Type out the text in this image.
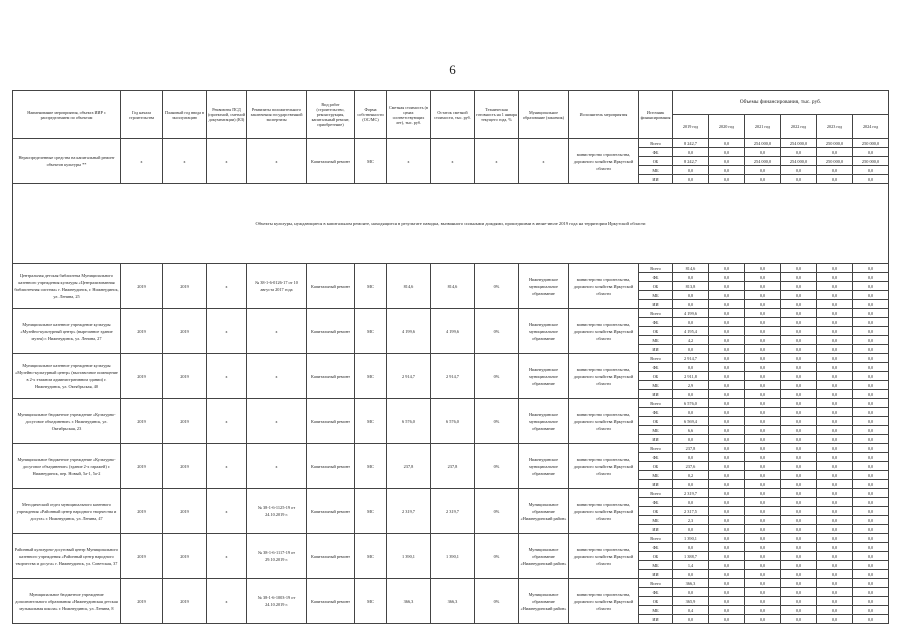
6
Наименование мероприятия, объекта ИИР с распределением по объектам	Год начала строительства	Плановый год ввода в эксплуатацию	Реквизиты ПСД (проектной, сметной документации) (КЗ)	Реквизиты положительного заключения государственной экспертизы	Вид работ (строительство, реконструкция, капитальный ремонт, приобретение)	Форма собственности (ОС/МС)	Сметная стоимость (в ценах соответствующих лет), тыс. руб.	Остаток сметной стоимости, тыс. руб.	Техническая готовность на 1 января текущего года, %	Муниципальное образование (заказчик)	Исполнитель мероприятия	Источник финансирования	Объемы финансирования, тыс. руб.					
													2019 год	2020 год	2021 год	2022 год	2023 год	2024 год
Нераспределенные средства на капитальный ремонт объектов культуры **	х	х	х	х	Капитальный ремонт	МС	х	х	х	х	министерство строительства, дорожного хозяйства Иркутской области	Всего	8 242,7	0,0	254 000,0	254 000,0	250 000,0	250 000,0
												ФБ	0,0	0,0	0,0	0,0	0,0	0,0
												ОБ	8 242,7	0,0	254 000,0	254 000,0	250 000,0	250 000,0
												МБ	0,0	0,0	0,0	0,0	0,0	0,0
												ИИ	0,0	0,0	0,0	0,0	0,0	0,0
Объекты культуры, нуждающиеся в капитальном ремонте, находящиеся в результате паводка, вызванного сильными дождями, прошедшими в июне-июле 2019 года на территории Иркутской области																		
Центральная детская библиотека Муниципального казенного учреждения культуры «Централизованная библиотечная система» г. Нижнеудинск, г. Нижнеудинск, ул. Ленина, 25	2019	2019	х	№ 38-1-6-0126-17 от 10 августа 2017 года	Капитальный ремонт	МС	814,6	814,6	0%	Нижнеудинское муниципальное образование	министерство строительства, дорожного хозяйства Иркутской области	Всего	814,6	0,0	0,0	0,0	0,0	0,0
												ФБ	0,0	0,0	0,0	0,0	0,0	0,0
												ОБ	813,8	0,0	0,0	0,0	0,0	0,0
												МБ	0,8	0,0	0,0	0,0	0,0	0,0
												ИИ	0,0	0,0	0,0	0,0	0,0	0,0
Муниципальное казенное учреждение культуры «Музейно-культурный центр» (вырезанное здание музея) г. Нижнеудинск, ул. Ленина, 27	2019	2019	х	х	Капитальный ремонт	МС	4 199,6	4 199,6	0%	Нижнеудинское муниципальное образование	министерство строительства, дорожного хозяйства Иркутской области	Всего	4 199,6	0,0	0,0	0,0	0,0	0,0
												ФБ	0,0	0,0	0,0	0,0	0,0	0,0
												ОБ	4 195,4	0,0	0,0	0,0	0,0	0,0
												МБ	4,2	0,0	0,0	0,0	0,0	0,0
												ИИ	0,0	0,0	0,0	0,0	0,0	0,0
Муниципальное казенное учреждение культуры «Музейно-культурный центр» (выставочное помещение в 2-х этажном административном здании) г. Нижнеудинск, ул. Октябрьская, 40	2019	2019	х	х	Капитальный ремонт	МС	2 914,7	2 914,7	0%	Нижнеудинское муниципальное образование	министерство строительства, дорожного хозяйства Иркутской области	Всего	2 914,7	0,0	0,0	0,0	0,0	0,0
												ФБ	0,0	0,0	0,0	0,0	0,0	0,0
												ОБ	2 911,8	0,0	0,0	0,0	0,0	0,0
												МБ	2,9	0,0	0,0	0,0	0,0	0,0
												ИИ	0,0	0,0	0,0	0,0	0,0	0,0
Муниципальное бюджетное учреждение «Культурно-досуговое объединение» г. Нижнеудинск, ул. Октябрьская, 23	2019	2019	х	х	Капитальный ремонт	МС	6 576,0	6 576,0	0%	Нижнеудинское муниципальное образование	министерство строительства, дорожного хозяйства Иркутской области	Всего	6 576,0	0,0	0,0	0,0	0,0	0,0
												ФБ	0,0	0,0	0,0	0,0	0,0	0,0
												ОБ	6 569,4	0,0	0,0	0,0	0,0	0,0
												МБ	6,6	0,0	0,0	0,0	0,0	0,0
												ИИ	0,0	0,0	0,0	0,0	0,0	0,0
Муниципальное бюджетное учреждение «Культурно-досуговое объединение» (здание 2-х гаражей) г. Нижнеудинск, пер. Новый, 5а-1, 5а-2	2019	2019	х	х	Капитальный ремонт	МС	237,8	237,8	0%	Нижнеудинское муниципальное образование	министерство строительства, дорожного хозяйства Иркутской области	Всего	237,8	0,0	0,0	0,0	0,0	0,0
												ФБ	0,0	0,0	0,0	0,0	0,0	0,0
												ОБ	237,6	0,0	0,0	0,0	0,0	0,0
												МБ	0,2	0,0	0,0	0,0	0,0	0,0
												ИИ	0,0	0,0	0,0	0,0	0,0	0,0
Методический отдел муниципального казенного учреждения «Районный центр народного творчества и досуга» г. Нижнеудинск, ул. Ленина, 47	2019	2019	х	№ 38-1-6-1125-19 от 24.10.2019 г.	Капитальный ремонт	МС	2 319,7	2 319,7	0%	Муниципальное образование «Нижнеудинский район»	министерство строительства, дорожного хозяйства Иркутской области	Всего	2 319,7	0,0	0,0	0,0	0,0	0,0
												ФБ	0,0	0,0	0,0	0,0	0,0	0,0
												ОБ	2 317,5	0,0	0,0	0,0	0,0	0,0
												МБ	2,3	0,0	0,0	0,0	0,0	0,0
												ИИ	0,0	0,0	0,0	0,0	0,0	0,0
Районный культурно-досуговый центр Муниципального казенного учреждения «Районный центр народного творчества и досуга» г. Нижнеудинск, ул. Советская, 37	2019	2019	х	№ 38-1-6-1117-19 от 29.10.2019 г.	Капитальный ремонт	МС	1 390,1	1 390,1	0%	Муниципальное образование «Нижнеудинский район»	министерство строительства, дорожного хозяйства Иркутской области	Всего	1 390,1	0,0	0,0	0,0	0,0	0,0
												ФБ	0,0	0,0	0,0	0,0	0,0	0,0
												ОБ	1 388,7	0,0	0,0	0,0	0,0	0,0
												МБ	1,4	0,0	0,0	0,0	0,0	0,0
												ИИ	0,0	0,0	0,0	0,0	0,0	0,0
Муниципальное бюджетное учреждение дополнительного образования «Нижнеудинская детская музыкальная школа» г. Нижнеудинск, ул. Ленина, 8	2019	2019	х	№ 38-1-6-1003-19 от 24.10.2019 г.	Капитальный ремонт	МС	366,3	366,3	0%	Муниципальное образование «Нижнеудинский район»	министерство строительства, дорожного хозяйства Иркутской области	Всего	366,3	0,0	0,0	0,0	0,0	0,0
												ФБ	0,0	0,0	0,0	0,0	0,0	0,0
												ОБ	365,9	0,0	0,0	0,0	0,0	0,0
												МБ	0,4	0,0	0,0	0,0	0,0	0,0
												ИИ	0,0	0,0	0,0	0,0	0,0	0,0
